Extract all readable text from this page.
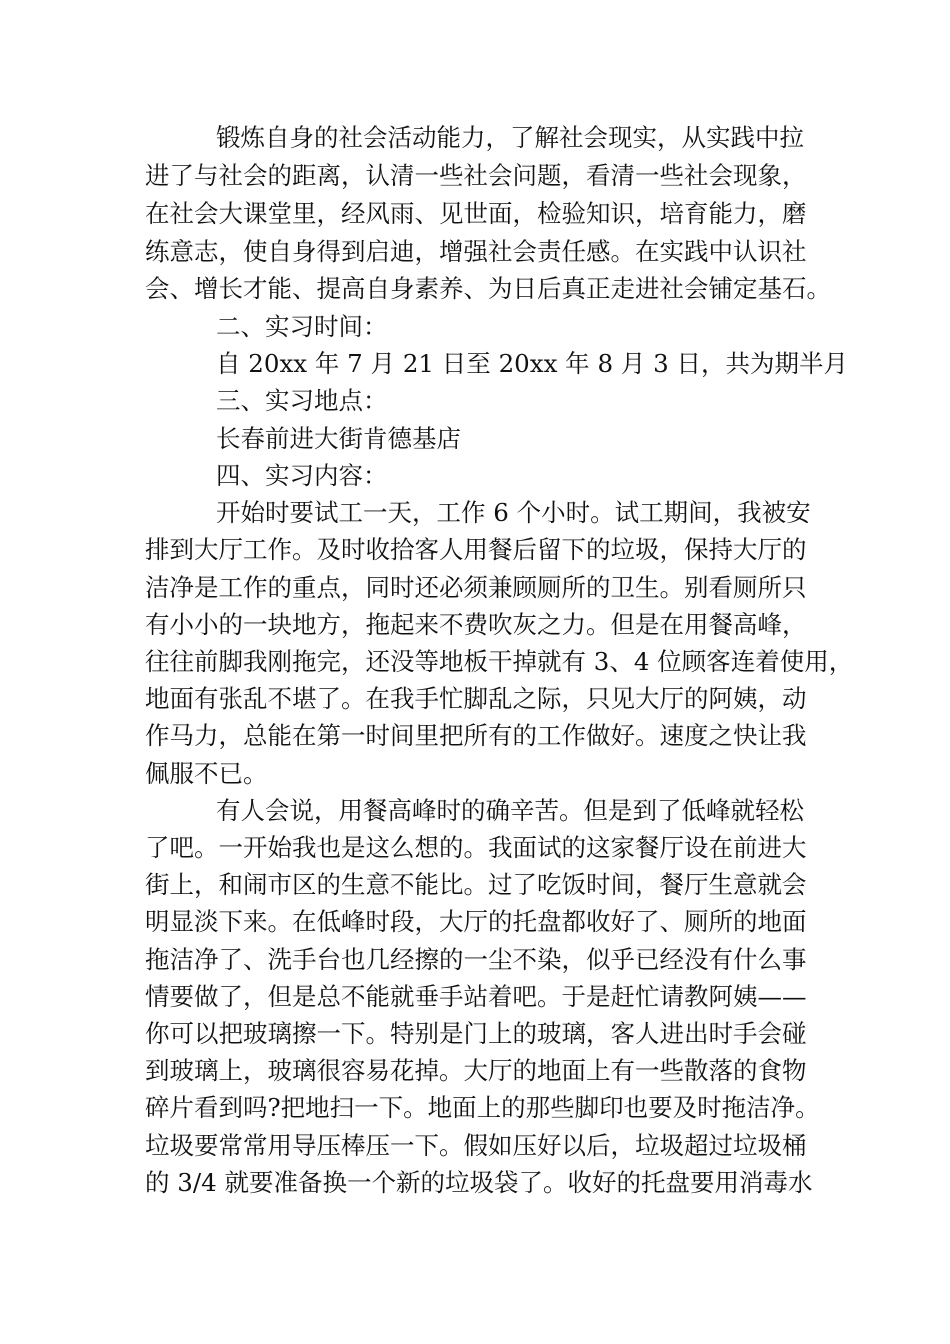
锻炼自身的社会活动能力，了解社会现实，从实践中拉
进了与社会的距离，认清一些社会问题，看清一些社会现象，
在社会大课堂里，经风雨、见世面，检验知识，培育能力，磨
练意志，使自身得到启迪，增强社会责任感。在实践中认识社
会、增长才能、提高自身素养、为日后真正走进社会铺定基石。
二、实习时间：
自 20xx 年 7 月 21 日至 20xx 年 8 月 3 日，共为期半月
三、实习地点：
长春前进大街肯德基店
四、实习内容：
开始时要试工一天，工作 6 个小时。试工期间，我被安
排到大厅工作。及时收拾客人用餐后留下的垃圾，保持大厅的
洁净是工作的重点，同时还必须兼顾厕所的卫生。别看厕所只
有小小的一块地方，拖起来不费吹灰之力。但是在用餐高峰，
往往前脚我刚拖完，还没等地板干掉就有 3、4 位顾客连着使用，
地面有张乱不堪了。在我手忙脚乱之际，只见大厅的阿姨，动
作马力，总能在第一时间里把所有的工作做好。速度之快让我
佩服不已。
有人会说，用餐高峰时的确辛苦。但是到了低峰就轻松
了吧。一开始我也是这么想的。我面试的这家餐厅设在前进大
街上，和闹市区的生意不能比。过了吃饭时间，餐厅生意就会
明显淡下来。在低峰时段，大厅的托盘都收好了、厕所的地面
拖洁净了、洗手台也几经擦的一尘不染，似乎已经没有什么事
情要做了，但是总不能就垂手站着吧。于是赶忙请教阿姨——
你可以把玻璃擦一下。特别是门上的玻璃，客人进出时手会碰
到玻璃上，玻璃很容易花掉。大厅的地面上有一些散落的食物
碎片看到吗?把地扫一下。地面上的那些脚印也要及时拖洁净。
垃圾要常常用导压棒压一下。假如压好以后，垃圾超过垃圾桶
的 3/4 就要准备换一个新的垃圾袋了。收好的托盘要用消毒水
